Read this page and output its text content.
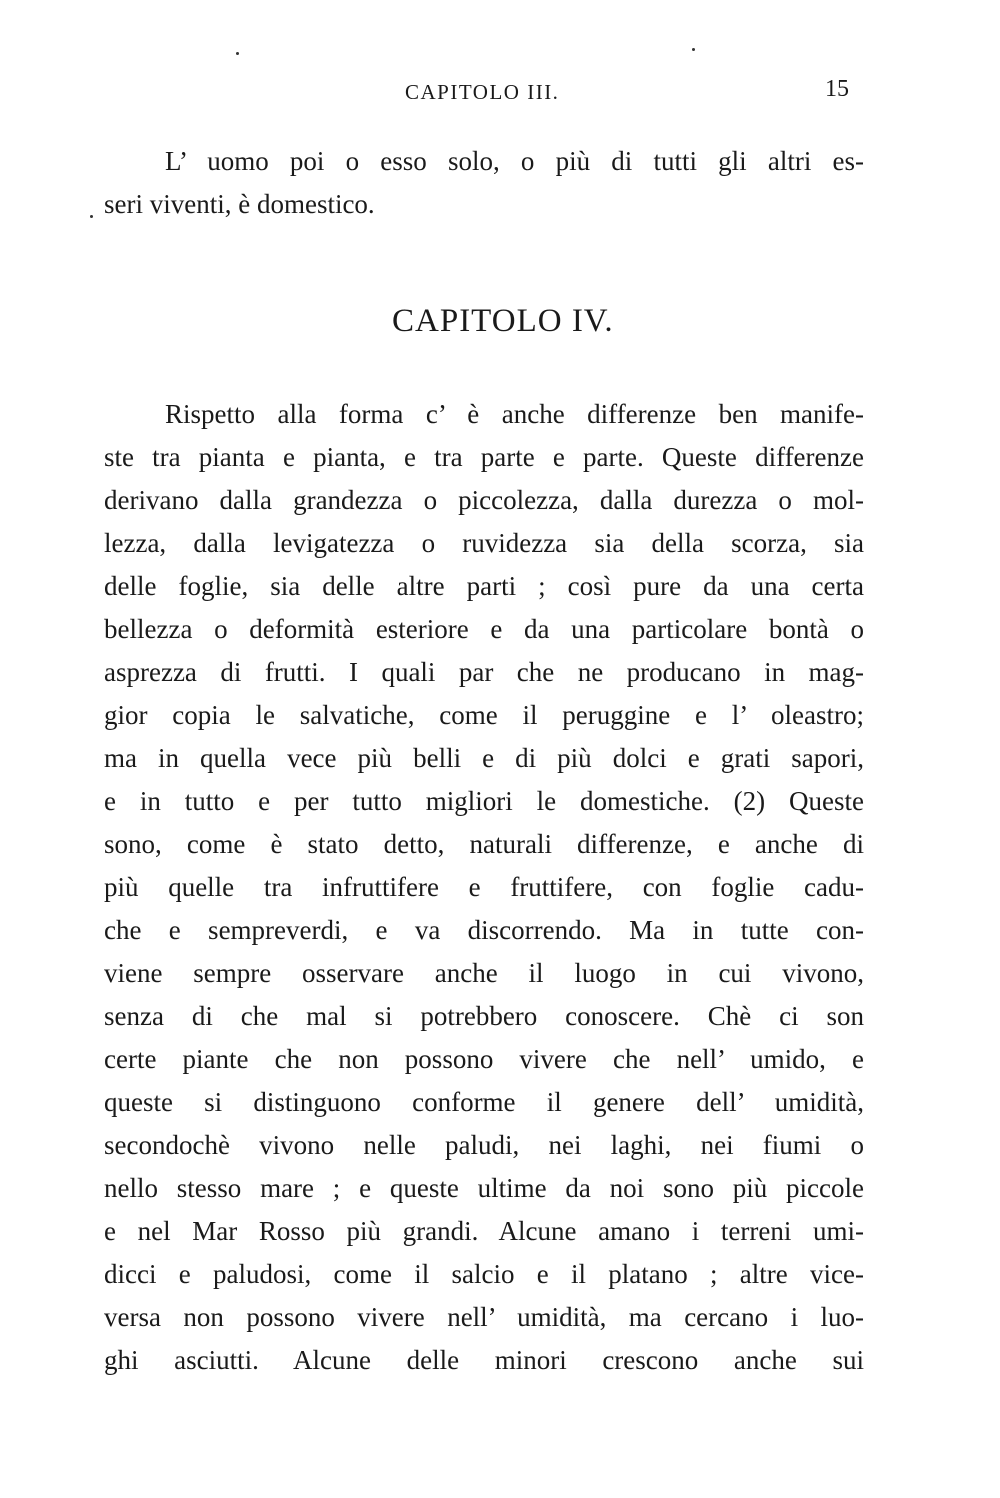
CAPITOLO III.	15
L’ uomo poi o esso solo, o più di tutti gli altri es-
seri viventi, è domestico.
CAPITOLO IV.
Rispetto alla forma c’ è anche differenze ben manife-
ste tra pianta e pianta, e tra parte e parte. Queste differenze
derivano dalla grandezza o piccolezza, dalla durezza o mol-
lezza, dalla levigatezza o ruvidezza sia della scorza, sia
delle foglie, sia delle altre parti ; così pure da una certa
bellezza o deformità esteriore e da una particolare bontà o
asprezza di frutti. I quali par che ne producano in mag-
gior copia le salvatiche, come il peruggine e l’ oleastro;
ma in quella vece più belli e di più dolci e grati sapori,
e in tutto e per tutto migliori le domestiche. (2) Queste
sono, come è stato detto, naturali differenze, e anche di
più quelle tra infruttifere e fruttifere, con foglie cadu-
che e sempreverdi, e va discorrendo. Ma in tutte con-
viene sempre osservare anche il luogo in cui vivono,
senza di che mal si potrebbero conoscere. Chè ci son
certe piante che non possono vivere che nell’ umido, e
queste si distinguono conforme il genere dell’ umidità,
secondochè vivono nelle paludi, nei laghi, nei fiumi o
nello stesso mare ; e queste ultime da noi sono più piccole
e nel Mar Rosso più grandi. Alcune amano i terreni umi-
dicci e paludosi, come il salcio e il platano ; altre vice-
versa non possono vivere nell’ umidità, ma cercano i luo-
ghi asciutti. Alcune delle minori crescono anche sui
